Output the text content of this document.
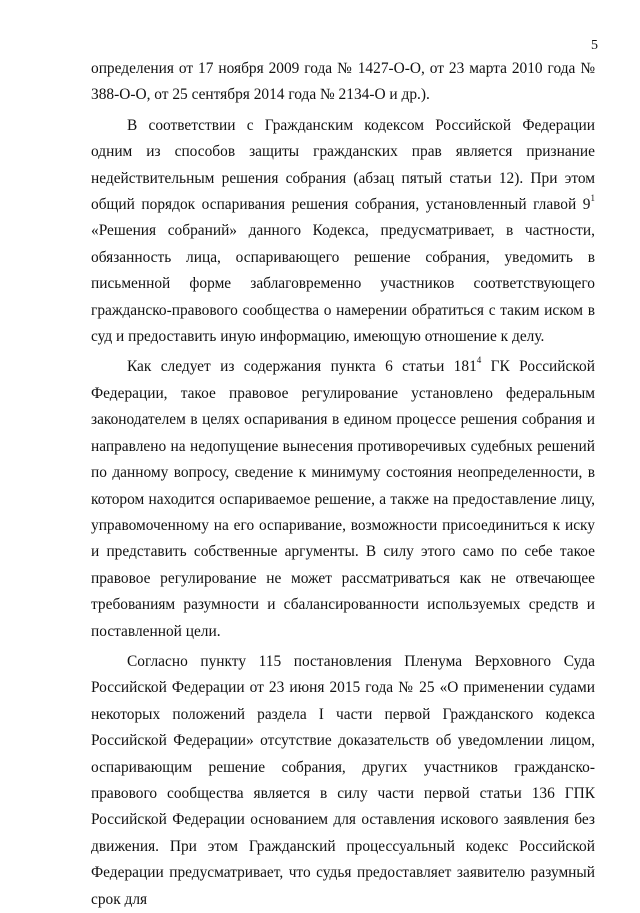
5

определения от 17 ноября 2009 года № 1427-О-О, от 23 марта 2010 года № 388-О-О, от 25 сентября 2014 года № 2134-О и др.).

В соответствии с Гражданским кодексом Российской Федерации одним из способов защиты гражданских прав является признание недействительным решения собрания (абзац пятый статьи 12). При этом общий порядок оспаривания решения собрания, установленный главой $9^1$ «Решения собраний» данного Кодекса, предусматривает, в частности, обязанность лица, оспаривающего решение собрания, уведомить в письменной форме заблаговременно участников соответствующего гражданско-правового сообщества о намерении обратиться с таким иском в суд и предоставить иную информацию, имеющую отношение к делу.

Как следует из содержания пункта 6 статьи $181^4$ ГК Российской Федерации, такое правовое регулирование установлено федеральным законодателем в целях оспаривания в едином процессе решения собрания и направлено на недопущение вынесения противоречивых судебных решений по данному вопросу, сведение к минимуму состояния неопределенности, в котором находится оспариваемое решение, а также на предоставление лицу, управомоченному на его оспаривание, возможности присоединиться к иску и представить собственные аргументы. В силу этого само по себе такое правовое регулирование не может рассматриваться как не отвечающее требованиям разумности и сбалансированности используемых средств и поставленной цели.

Согласно пункту 115 постановления Пленума Верховного Суда Российской Федерации от 23 июня 2015 года № 25 «О применении судами некоторых положений раздела I части первой Гражданского кодекса Российской Федерации» отсутствие доказательств об уведомлении лицом, оспаривающим решение собрания, других участников гражданско-правового сообщества является в силу части первой статьи 136 ГПК Российской Федерации основанием для оставления искового заявления без движения. При этом Гражданский процессуальный кодекс Российской Федерации предусматривает, что судья предоставляет заявителю разумный срок для
